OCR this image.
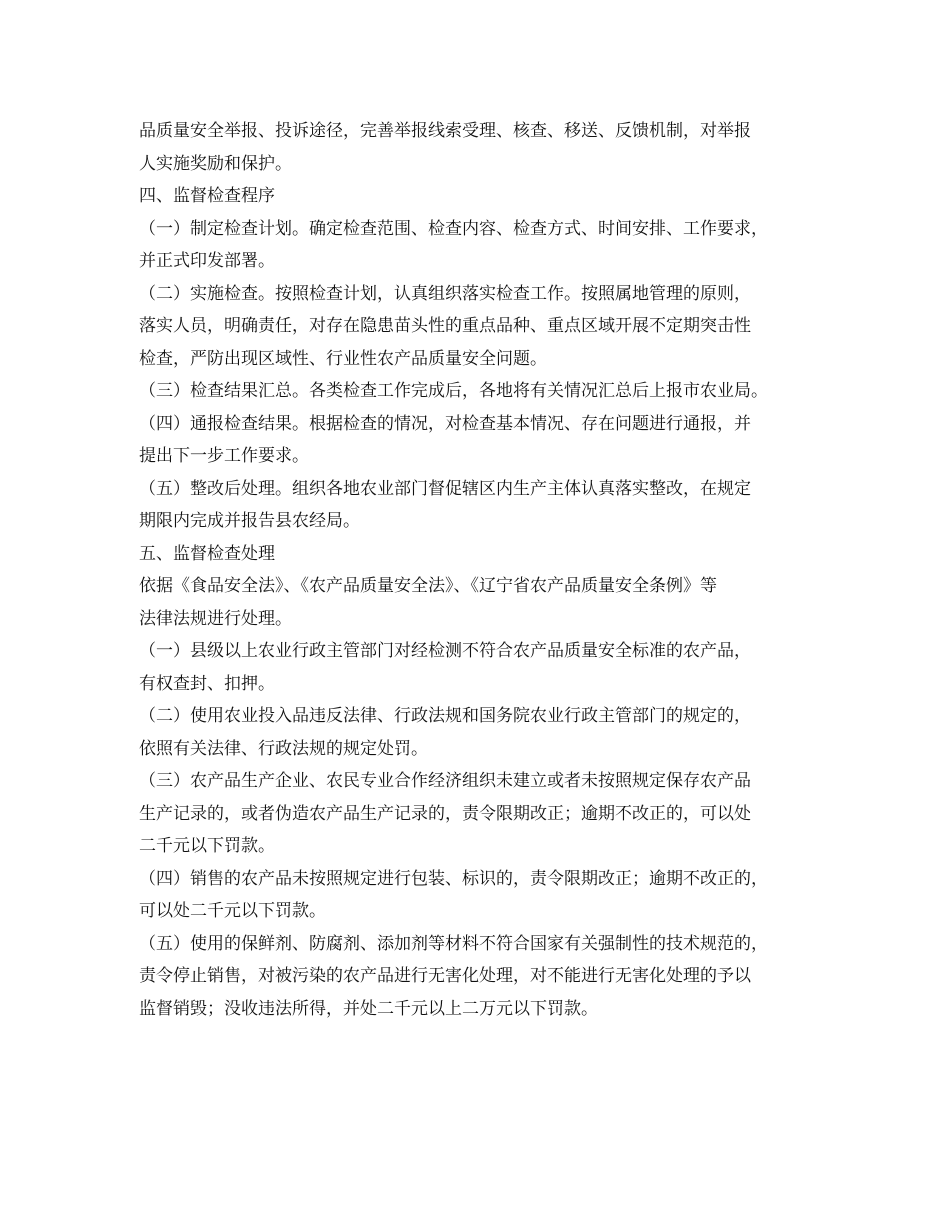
品质量安全举报、投诉途径，完善举报线索受理、核查、移送、反馈机制，对举报
人实施奖励和保护。
四、监督检查程序
（一）制定检查计划。确定检查范围、检查内容、检查方式、时间安排、工作要求，
并正式印发部署。
（二）实施检查。按照检查计划，认真组织落实检查工作。按照属地管理的原则，
落实人员，明确责任，对存在隐患苗头性的重点品种、重点区域开展不定期突击性
检查，严防出现区域性、行业性农产品质量安全问题。
（三）检查结果汇总。各类检查工作完成后，各地将有关情况汇总后上报市农业局。
（四）通报检查结果。根据检查的情况，对检查基本情况、存在问题进行通报，并
提出下一步工作要求。
（五）整改后处理。组织各地农业部门督促辖区内生产主体认真落实整改，在规定
期限内完成并报告县农经局。
五、监督检查处理
依据《食品安全法》、《农产品质量安全法》、《辽宁省农产品质量安全条例》等
法律法规进行处理。
（一）县级以上农业行政主管部门对经检测不符合农产品质量安全标准的农产品，
有权查封、扣押。
（二）使用农业投入品违反法律、行政法规和国务院农业行政主管部门的规定的，
依照有关法律、行政法规的规定处罚。
（三）农产品生产企业、农民专业合作经济组织未建立或者未按照规定保存农产品
生产记录的，或者伪造农产品生产记录的，责令限期改正；逾期不改正的，可以处
二千元以下罚款。
（四）销售的农产品未按照规定进行包装、标识的，责令限期改正；逾期不改正的，
可以处二千元以下罚款。
（五）使用的保鲜剂、防腐剂、添加剂等材料不符合国家有关强制性的技术规范的，
责令停止销售，对被污染的农产品进行无害化处理，对不能进行无害化处理的予以
监督销毁；没收违法所得，并处二千元以上二万元以下罚款。
